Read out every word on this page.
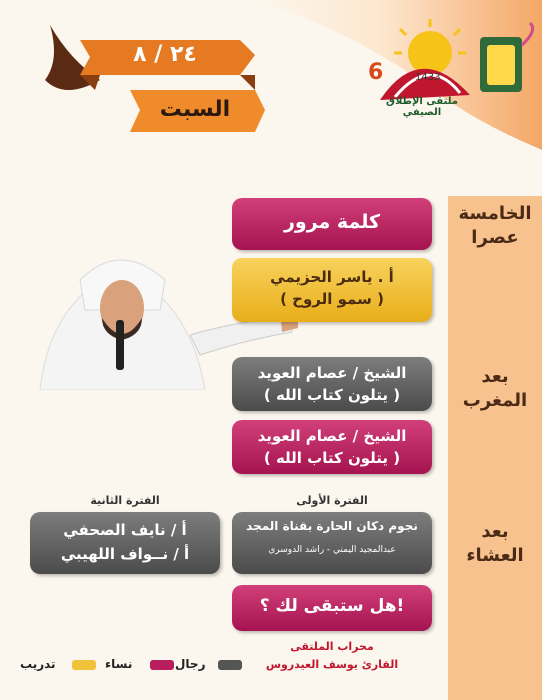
٢٤ / ٨
السبت
6	1433
ملتقى الإطلاق الصيفي
الخامسة
عصرا
بعد
المغرب
بعد
العشاء
كلمة مرور
أ . ياسر الحزيمي
( سمو الروح )
الشيخ / عصام العويد
( يتلون كتاب الله )
الشيخ / عصام العويد
( يتلون كتاب الله )
الفترة الأولى
الفترة الثانية
نجوم دكان الحارة بقناة المجد
عبدالمجيد اليمني - راشد الدوسري
أ / نايف الصحفي
أ / نــواف اللهيبي
هل ستبقى لك ؟!
محراب الملتقى
القارئ يوسف العيدروس
تدريب	نساء	رجال
